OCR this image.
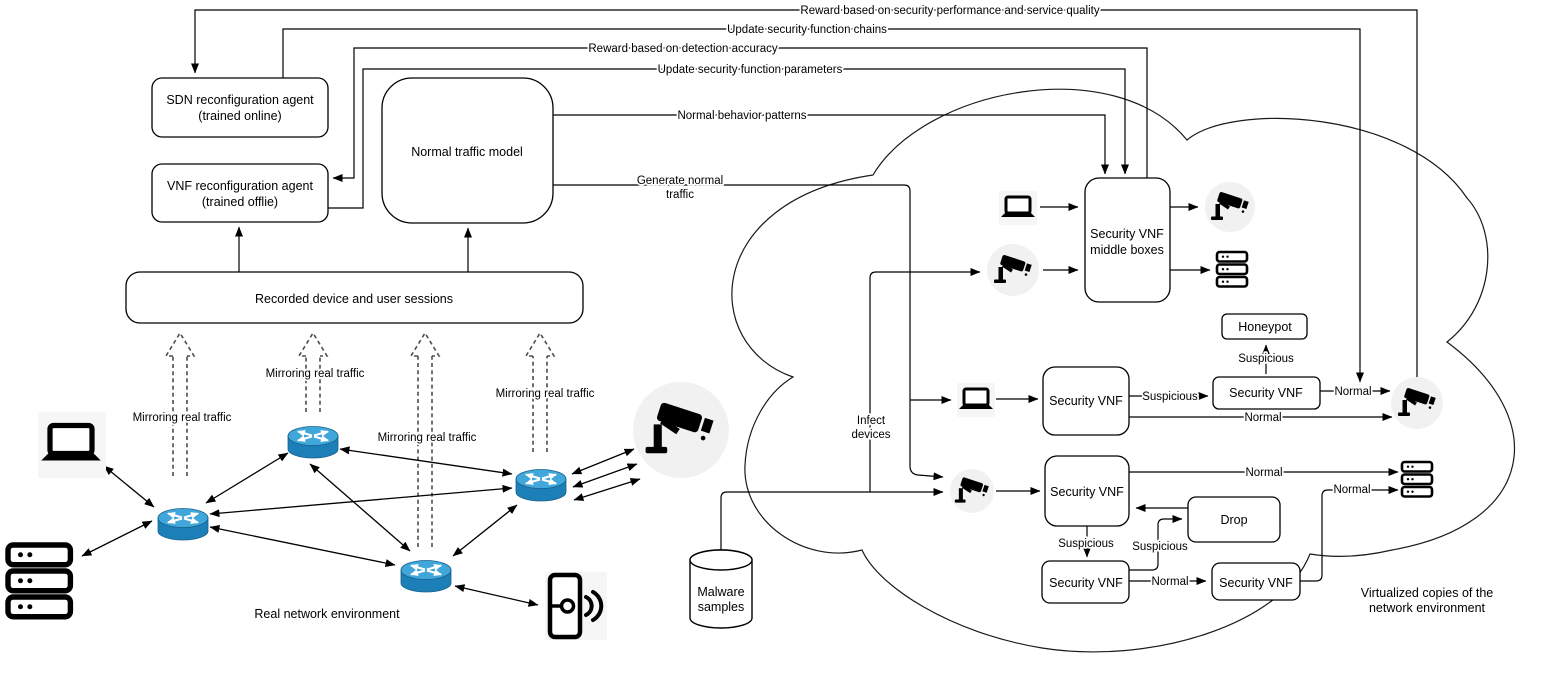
Reward based on security performance and service quality
Update security function chains
Reward based on detection accuracy
Update security function parameters
Normal behavior patterns
Generate normal
traffic
SDN reconfiguration agent
(trained online)
VNF reconfiguration agent
(trained offlie)
Normal traffic model
Recorded device and user sessions
Mirroring real traffic
Mirroring real traffic
Mirroring real traffic
Mirroring real traffic
Real network environment
Malware
samples
Infect
devices
Security VNF
middle boxes
Security VNF Suspicious	Security VNF
Honeypot
Suspicious
Normal
Normal
Security VNF
Normal
Suspicious
Security VNF
Drop
Suspicious
Normal Security VNF
Normal
Virtualized copies of the
network environment
